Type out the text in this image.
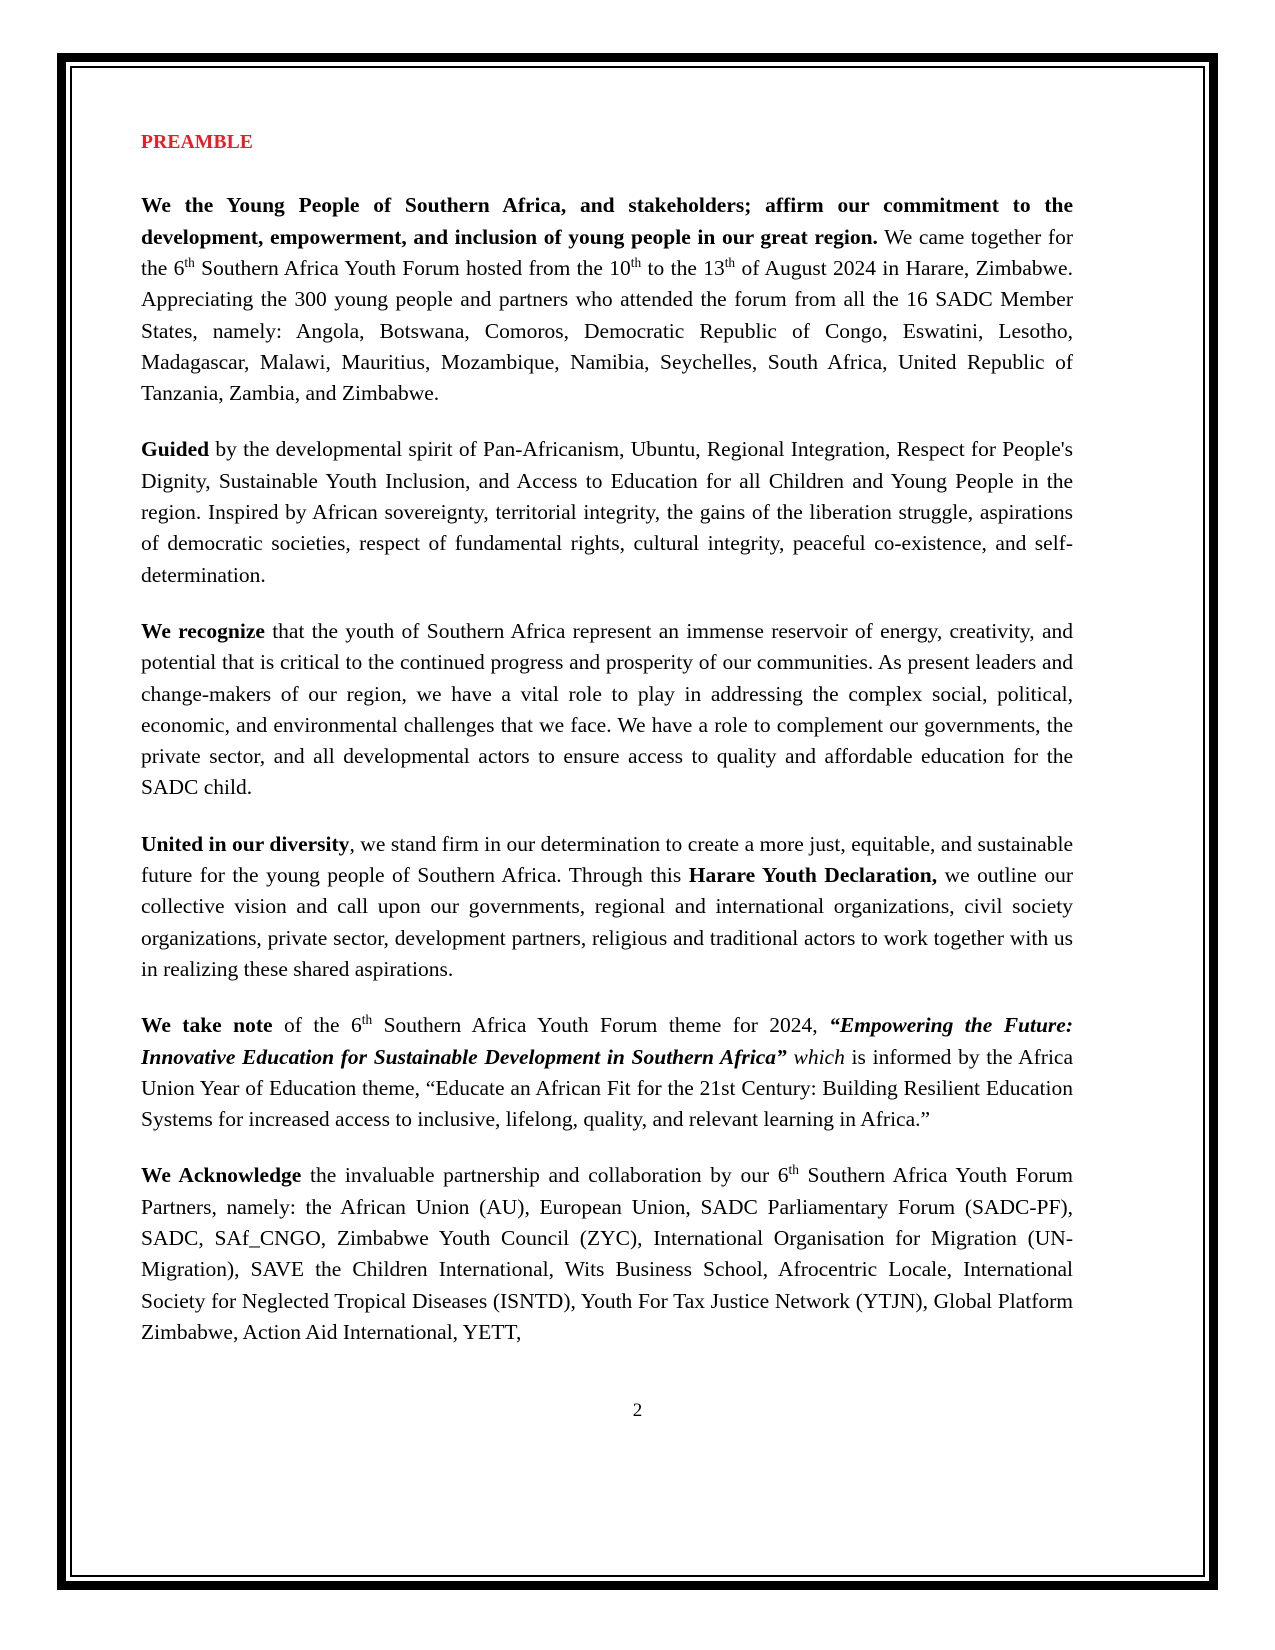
PREAMBLE

We the Young People of Southern Africa, and stakeholders; affirm our commitment to the development, empowerment, and inclusion of young people in our great region. We came together for the 6th Southern Africa Youth Forum hosted from the 10th to the 13th of August 2024 in Harare, Zimbabwe. Appreciating the 300 young people and partners who attended the forum from all the 16 SADC Member States, namely: Angola, Botswana, Comoros, Democratic Republic of Congo, Eswatini, Lesotho, Madagascar, Malawi, Mauritius, Mozambique, Namibia, Seychelles, South Africa, United Republic of Tanzania, Zambia, and Zimbabwe.

Guided by the developmental spirit of Pan-Africanism, Ubuntu, Regional Integration, Respect for People's Dignity, Sustainable Youth Inclusion, and Access to Education for all Children and Young People in the region. Inspired by African sovereignty, territorial integrity, the gains of the liberation struggle, aspirations of democratic societies, respect of fundamental rights, cultural integrity, peaceful co-existence, and self-determination.

We recognize that the youth of Southern Africa represent an immense reservoir of energy, creativity, and potential that is critical to the continued progress and prosperity of our communities. As present leaders and change-makers of our region, we have a vital role to play in addressing the complex social, political, economic, and environmental challenges that we face. We have a role to complement our governments, the private sector, and all developmental actors to ensure access to quality and affordable education for the SADC child.

United in our diversity, we stand firm in our determination to create a more just, equitable, and sustainable future for the young people of Southern Africa. Through this Harare Youth Declaration, we outline our collective vision and call upon our governments, regional and international organizations, civil society organizations, private sector, development partners, religious and traditional actors to work together with us in realizing these shared aspirations.

We take note of the 6th Southern Africa Youth Forum theme for 2024, “Empowering the Future: Innovative Education for Sustainable Development in Southern Africa” which is informed by the Africa Union Year of Education theme, “Educate an African Fit for the 21st Century: Building Resilient Education Systems for increased access to inclusive, lifelong, quality, and relevant learning in Africa.”

We Acknowledge the invaluable partnership and collaboration by our 6th Southern Africa Youth Forum Partners, namely: the African Union (AU), European Union, SADC Parliamentary Forum (SADC-PF), SADC, SAf_CNGO, Zimbabwe Youth Council (ZYC), International Organisation for Migration (UN-Migration), SAVE the Children International, Wits Business School, Afrocentric Locale, International Society for Neglected Tropical Diseases (ISNTD), Youth For Tax Justice Network (YTJN), Global Platform Zimbabwe, Action Aid International, YETT,

2
